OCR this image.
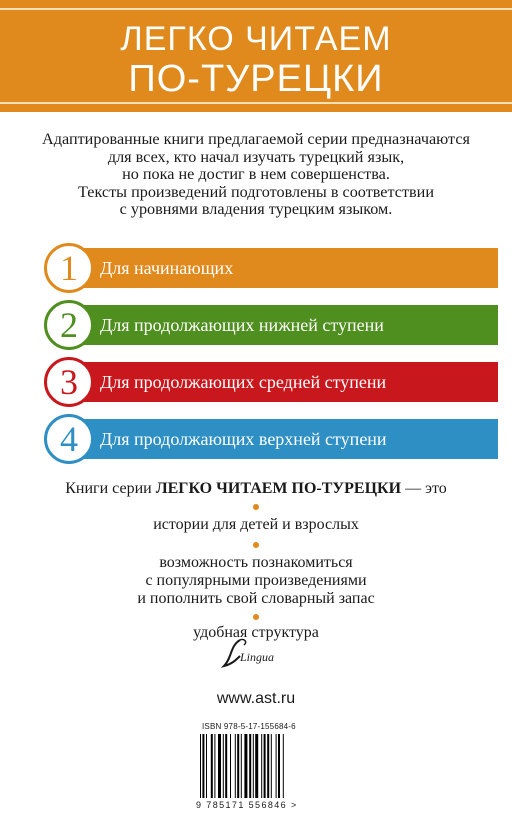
ЛЕГКО ЧИТАЕМ
ПО-ТУРЕЦКИ
Адаптированные книги предлагаемой серии предназначаются
для всех, кто начал изучать турецкий язык,
но пока не достиг в нем совершенства.
Тексты произведений подготовлены в соответствии
с уровнями владения турецким языком.
1	Для начинающих
2	Для продолжающих нижней ступени
3	Для продолжающих средней ступени
4	Для продолжающих верхней ступени
Книги серии ЛЕГКО ЧИТАЕМ ПО-ТУРЕЦКИ — это
истории для детей и взрослых
возможность познакомиться
с популярными произведениями
и пополнить свой словарный запас
удобная структура
Lingua
www.ast.ru
ISBN 978-5-17-155684-6
9 785171 556846 >
